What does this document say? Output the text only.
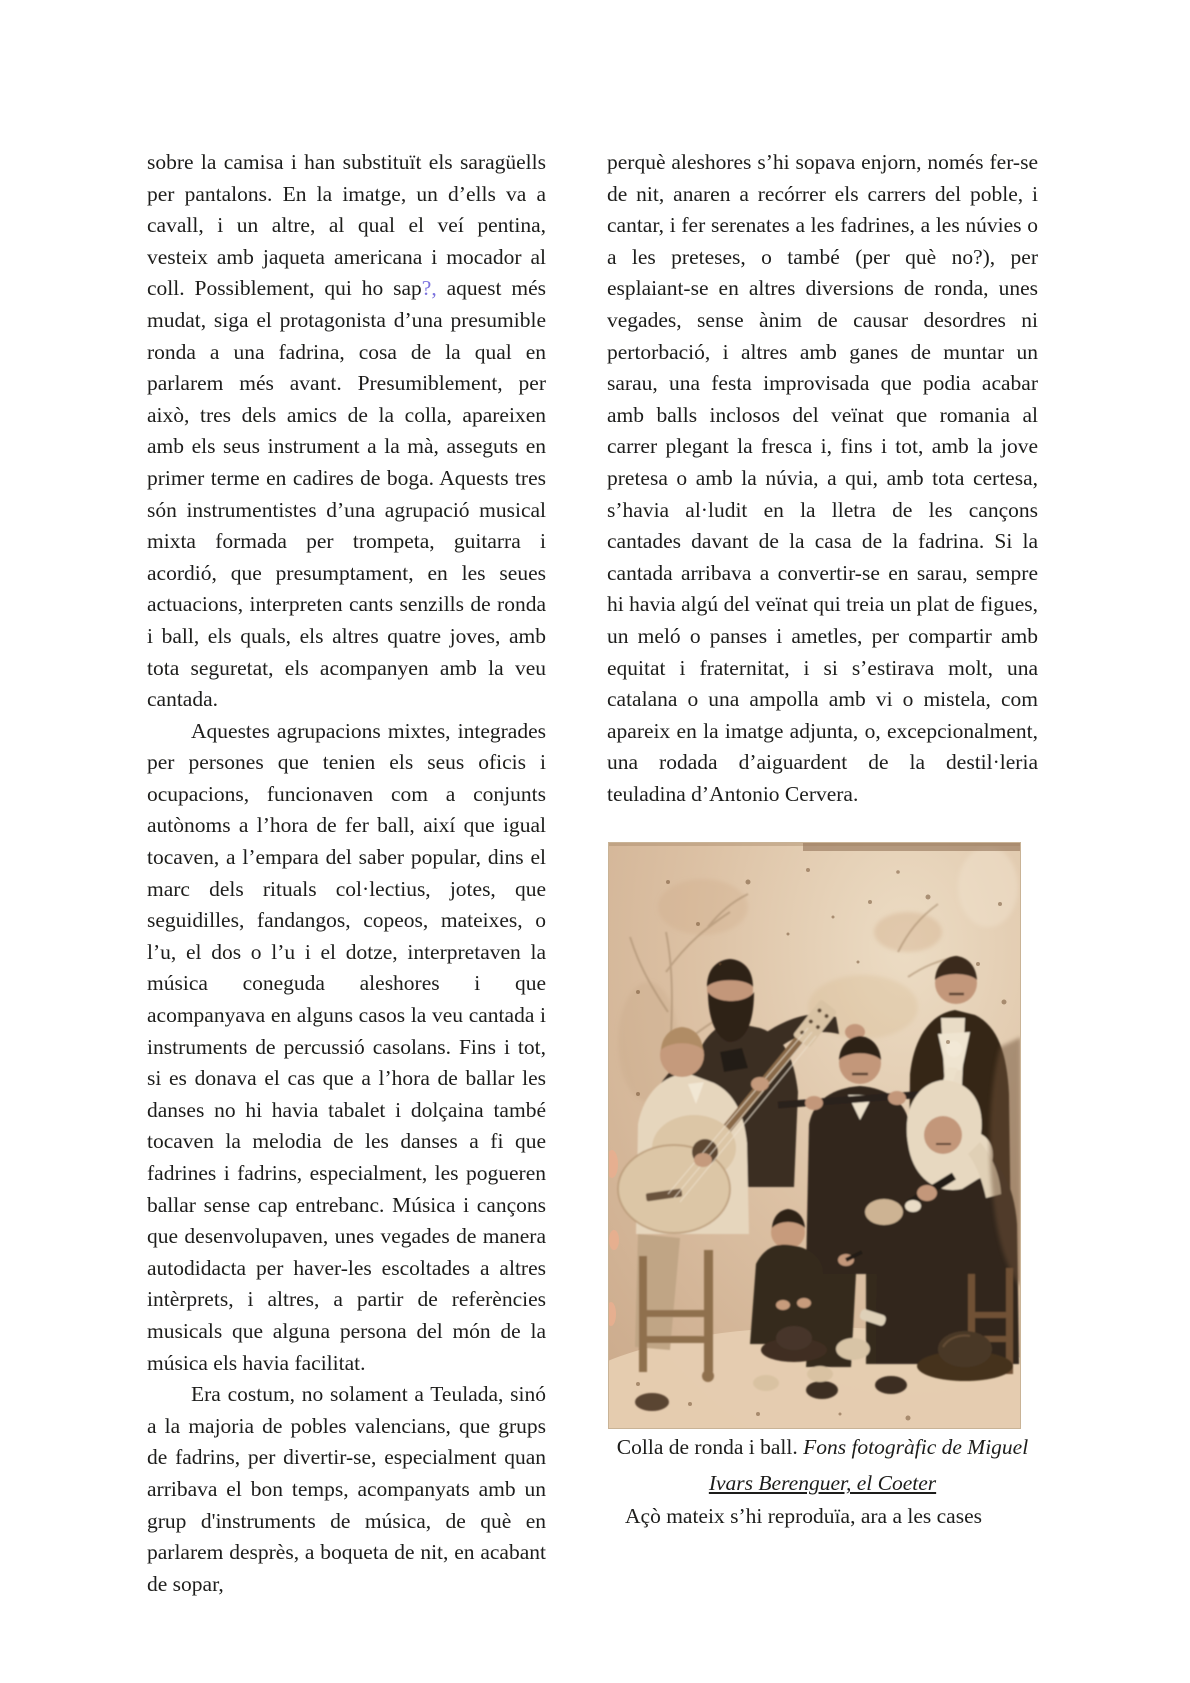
sobre la camisa i han substituït els saragüells per pantalons. En la imatge, un d’ells va a cavall, i un altre, al qual el veí pentina, vesteix amb jaqueta americana i mocador al coll. Possiblement, qui ho sap?, aquest més mudat, siga el protagonista d’una presumible ronda a una fadrina, cosa de la qual en parlarem més avant. Presumiblement, per això, tres dels amics de la colla, apareixen amb els seus instrument a la mà, asseguts en primer terme en cadires de boga. Aquests tres són instrumentistes d’una agrupació musical mixta formada per trompeta, guitarra i acordió, que presumptament, en les seues actuacions, interpreten cants senzills de ronda i ball, els quals, els altres quatre joves, amb tota seguretat, els acompanyen amb la veu cantada.

Aquestes agrupacions mixtes, integrades per persones que tenien els seus oficis i ocupacions, funcionaven com a conjunts autònoms a l’hora de fer ball, així que igual tocaven, a l’empara del saber popular, dins el marc dels rituals col·lectius, jotes, que seguidilles, fandangos, copeos, mateixes, o l’u, el dos o l’u i el dotze, interpretaven la música coneguda aleshores i que acompanyava en alguns casos la veu cantada i instruments de percussió casolans. Fins i tot, si es donava el cas que a l’hora de ballar les danses no hi havia tabalet i dolçaina també tocaven la melodia de les danses a fi que fadrines i fadrins, especialment, les pogueren ballar sense cap entrebanc. Música i cançons que desenvolupaven, unes vegades de manera autodidacta per haver-les escoltades a altres intèrprets, i altres, a partir de referències musicals que alguna persona del món de la música els havia facilitat.

Era costum, no solament a Teulada, sinó a la majoria de pobles valencians, que grups de fadrins, per divertir-se, especialment quan arribava el bon temps, acompanyats amb un grup d'instruments de música, de què en parlarem desprès, a boqueta de nit, en acabant de sopar,

perquè aleshores s’hi sopava enjorn, només fer-se de nit, anaren a recórrer els carrers del poble, i cantar, i fer serenates a les fadrines, a les núvies o a les preteses, o també (per què no?), per esplaiant-se en altres diversions de ronda, unes vegades, sense ànim de causar desordres ni pertorbació, i altres amb ganes de muntar un sarau, una festa improvisada que podia acabar amb balls inclosos del veïnat que romania al carrer plegant la fresca i, fins i tot, amb la jove pretesa o amb la núvia, a qui, amb tota certesa, s’havia al·ludit en la lletra de les cançons cantades davant de la casa de la fadrina. Si la cantada arribava a convertir-se en sarau, sempre hi havia algú del veïnat qui treia un plat de figues, un meló o panses i ametles, per compartir amb equitat i fraternitat, i si s’estirava molt, una catalana o una ampolla amb vi o mistela, com apareix en la imatge adjunta, o, excepcionalment, una rodada d’aiguardent de la destil·leria teuladina d’Antonio Cervera.

Colla de ronda i ball. Fons fotogràfic de Miguel
Ivars Berenguer, el Coeter

Açò mateix s’hi reproduïa, ara a les cases
